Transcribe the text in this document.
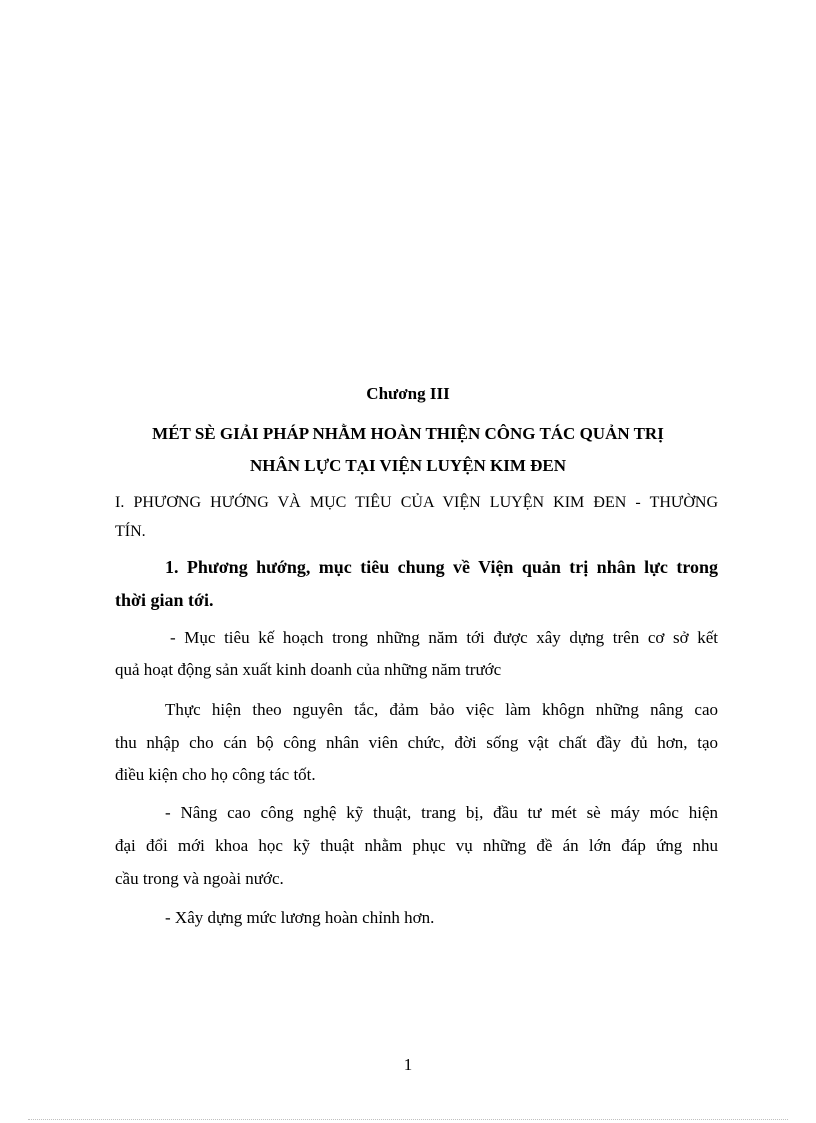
Chương III

MÉT SÈ GIẢI PHÁP NHẰM HOÀN THIỆN CÔNG TÁC QUẢN TRỊ

NHÂN LỰC TẠI VIỆN LUYỆN KIM ĐEN

I. PHƯƠNG HƯỚNG VÀ MỤC TIÊU CỦA VIỆN LUYỆN KIM ĐEN - THƯỜNG

TÍN.

1. Phương hướng, mục tiêu chung về Viện quản trị nhân lực trong

thời gian tới.

- Mục tiêu kế hoạch trong những năm tới được xây dựng trên cơ sở kết

quả hoạt động sản xuất kinh doanh của những năm trước

Thực hiện theo nguyên tắc, đảm bảo việc làm khôgn những nâng cao

thu nhập cho cán bộ công nhân viên chức, đời sống vật chất đầy đủ hơn, tạo

điều kiện cho họ công tác tốt.

- Nâng cao công nghệ kỹ thuật, trang bị, đầu tư mét sè máy móc hiện

đại đổi mới khoa học kỹ thuật nhằm phục vụ những đề án lớn đáp ứng nhu

cầu trong và ngoài nước.

- Xây dựng mức lương hoàn chỉnh hơn.

1
